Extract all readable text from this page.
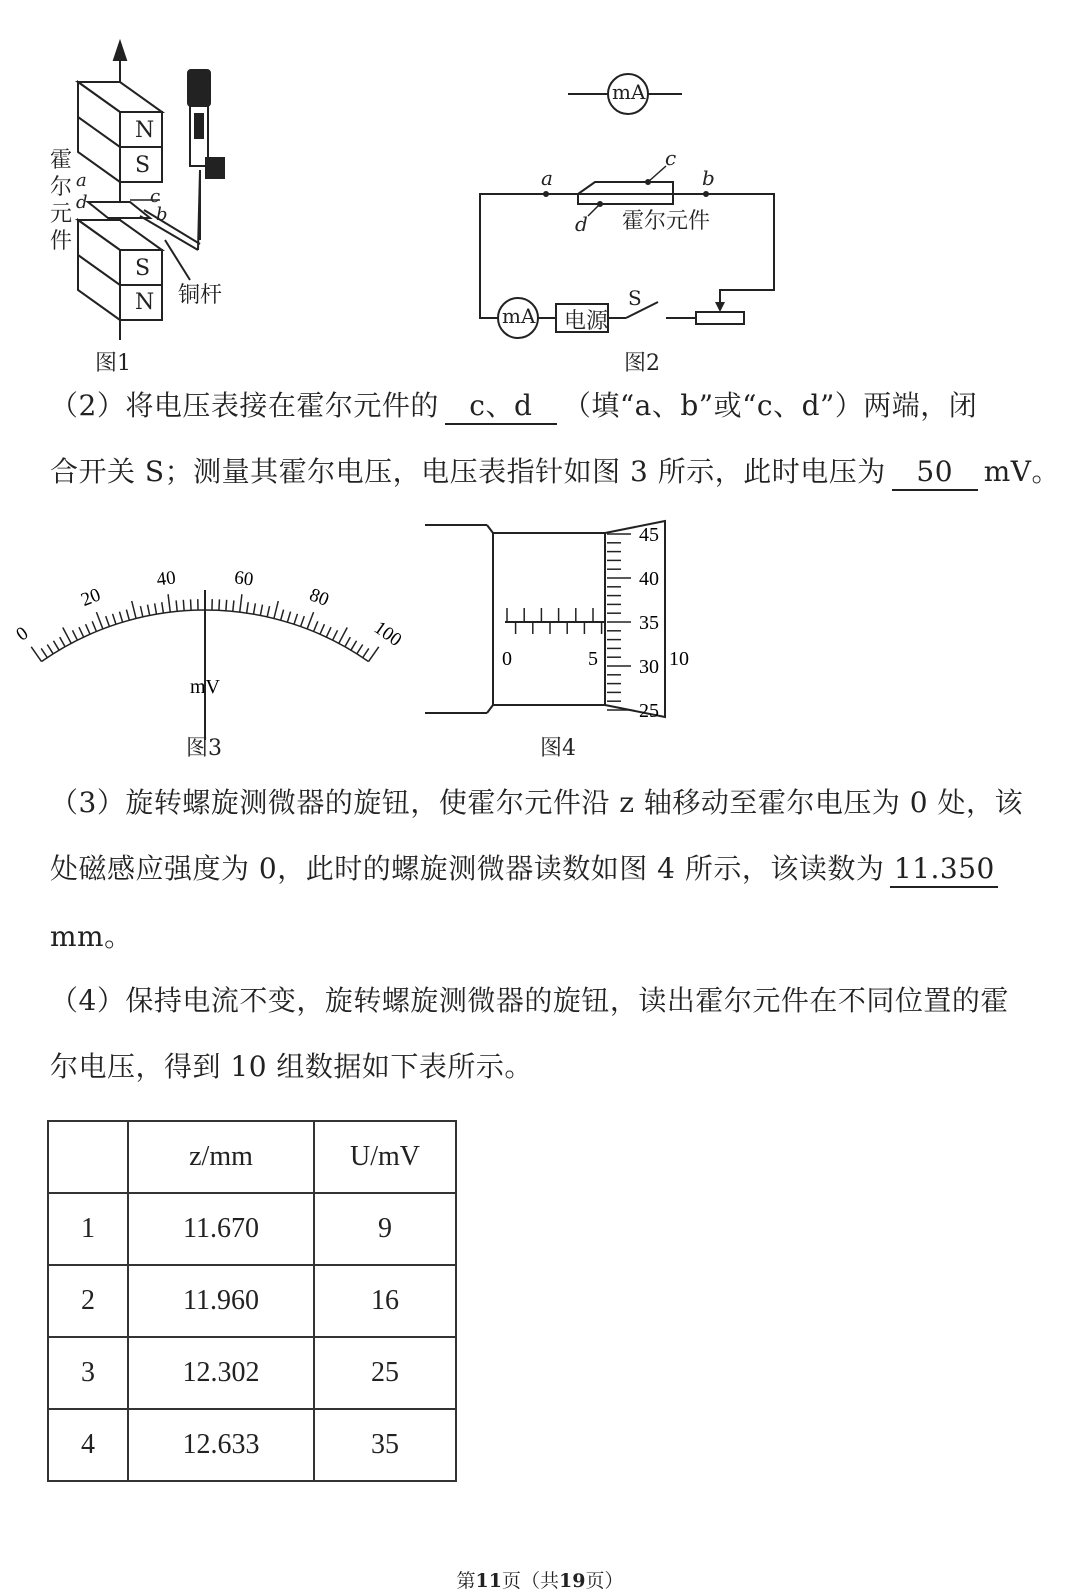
N
S
S
N
霍
尔
元
件
a
d	c
b
铜杆
图1
mA
mA
a	b
c
d 霍尔元件
电源
S
图2
（2）将电压表接在霍尔元件的 c、d （填“a、b”或“c、d”）两端，闭
合开关 S；测量其霍尔电压，电压表指针如图 3 所示，此时电压为 50 mV。
0
20
40	60
80
100
mV
图3
0	5	10
45
40
35
30
25
图4
（3）旋转螺旋测微器的旋钮，使霍尔元件沿 z 轴移动至霍尔电压为 0 处，该
处磁感应强度为 0，此时的螺旋测微器读数如图 4 所示，该读数为 11.350
mm。
（4）保持电流不变，旋转螺旋测微器的旋钮，读出霍尔元件在不同位置的霍
尔电压，得到 10 组数据如下表所示。
	z/mm	U/mV
1	11.670	9
2	11.960	16
3	12.302	25
4	12.633	35
第11页（共19页）
